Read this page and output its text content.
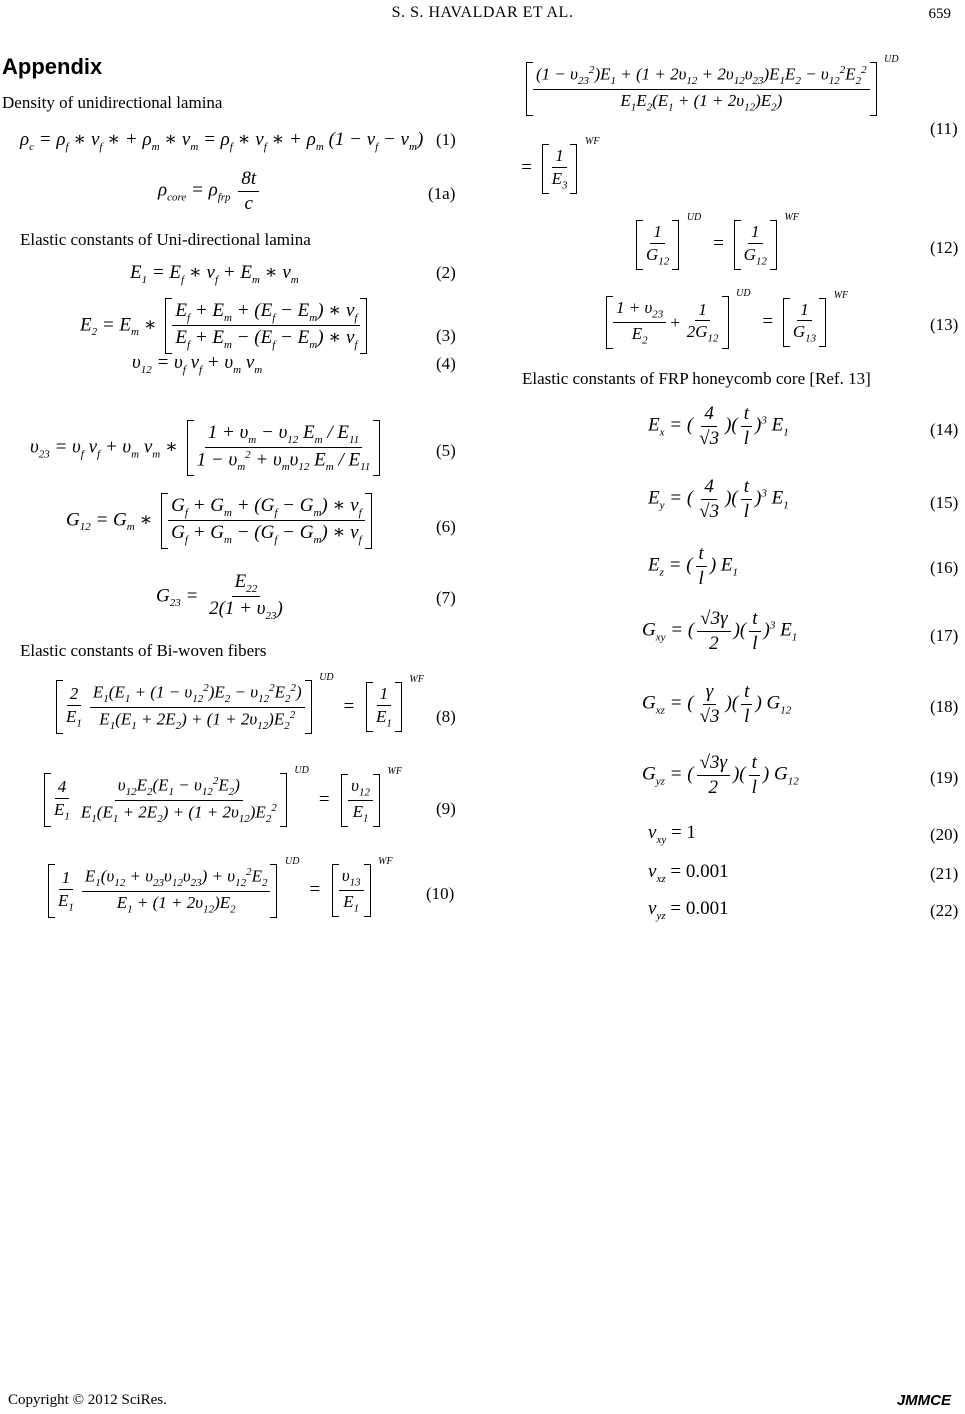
S. S. HAVALDAR ET AL.	659
Appendix
Density of unidirectional lamina
$\rho_c = \rho_f$ ∗ $v_f$ ∗ + $\rho_m$ ∗ $v_m = \rho_f$ ∗ $v_f$ ∗ + $\rho_m$ $(1 - v_f - v_m)$ (1)
$\rho_{core} = \rho_{frp} \frac{8t}{c}$	(1a)
Elastic constants of Uni-directional lamina
$E_1 = E_f$ ∗ $v_f + E_m$ ∗ $v_m$	(2)
$E_2 = E_m$ ∗ $\frac{E_f + E_m + (E_f - E_m) ∗ v_f}{E_f + E_m - (E_f - E_m) ∗ v_f}$	(3)
$\upsilon_{12} = \upsilon_f$ $v_f + \upsilon_m$ $v_m$	(4)
$\upsilon_{23} = \upsilon_f$ $v_f + \upsilon_m$ $v_m$ ∗ $\frac{1 + \upsilon_m - \upsilon_{12} E_m / E_{11}}{1 - \upsilon_m^2 + \upsilon_m\upsilon_{12} E_m / E_{11}}$	(5)
$G_{12} = G_m$ ∗ $\frac{G_f + G_m + (G_f - G_m) ∗ v_f}{G_f + G_m - (G_f - G_m) ∗ v_f}$	(6)
$G_{23} = \frac{E_{22}}{2(1 + \upsilon_{23})}$	(7)
Elastic constants of Bi-woven fibers
$\frac{2}{E_1} \frac{E_1(E_1 + (1 - \upsilon_{12}^2)E_2 - \upsilon_{12}^2E_2^2)}{E_1(E_1 + 2E_2) + (1 + 2\upsilon_{12})E_2^2}$
UD
= $\frac{1}{E_1}$
WF
(8)
$\frac{4}{E_1} \frac{\upsilon_{12}E_2(E_1 - \upsilon_{12}^2E_2)}{E_1(E_1 + 2E_2) + (1 + 2\upsilon_{12})E_2^2}$
UD
= $\frac{\upsilon_{12}}{E_1}$
WF
(9)
$\frac{1}{E_1} \frac{E_1(\upsilon_{12} + \upsilon_{23}\upsilon_{12}\upsilon_{23}) + \upsilon_{12}^2E_2}{E_1 + (1 + 2\upsilon_{12})E_2}$
UD
= $\frac{\upsilon_{13}}{E_1}$
WF
(10)
$\frac{(1 - \upsilon_{23}^2)E_1 + (1 + 2\upsilon_{12} + 2\upsilon_{12}\upsilon_{23})E_1E_2 - \upsilon_{12}^2E_2^2}{E_1E_2(E_1 + (1 + 2\upsilon_{12})E_2)}$
UD
= $\frac{1}{E_3}$
WF
(11)
$\frac{1}{G_{12}}$
UD
= $\frac{1}{G_{12}}$
WF
(12)
$\frac{1 + \upsilon_{23}}{E_2} + \frac{1}{2G_{12}}$
UD
= $\frac{1}{G_{13}}$
WF
(13)
Elastic constants of FRP honeycomb core [Ref. 13]
$E_x$ = ( $\frac{4}{√3}$ )( $\frac{t}{l} )^3$ $E_1$	(14)
$E_y$ = ( $\frac{4}{√3}$ )( $\frac{t}{l} )^3$ $E_1$	(15)
$E_z$ = ( $\frac{t}{l}$ ) $E_1$	(16)
$G_{xy}$ = ( $\frac{√3\gamma}{2}$ )( $\frac{t}{l} )^3$ $E_1$	(17)
$G_{xz}$ = ( $\frac{\gamma}{√3}$ )( $\frac{t}{l}$ ) $G_{12}$	(18)
$G_{yz}$ = ( $\frac{√3\gamma}{2}$ )( $\frac{t}{l}$ ) $G_{12}$	(19)
$v_{xy} = 1$	(20)
$v_{xz} = 0.001$	(21)
$v_{yz} = 0.001$	(22)
Copyright © 2012 SciRes.	JMMCE
